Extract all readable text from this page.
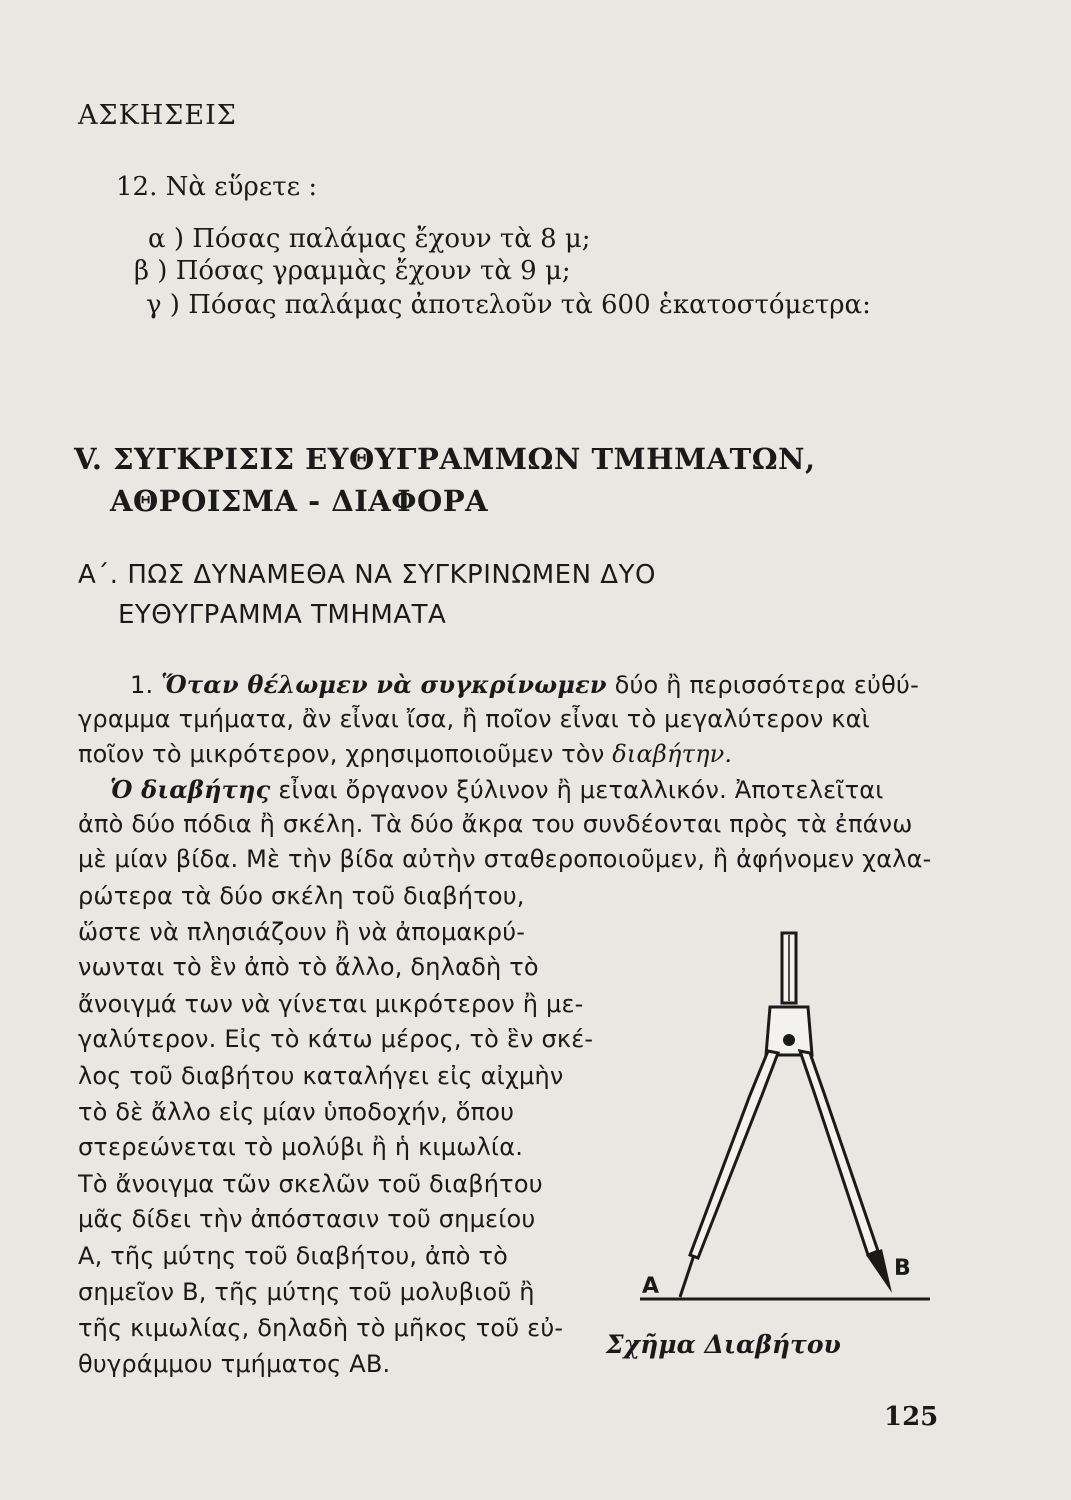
ΑΣΚΗΣΕΙΣ
12. Νὰ εὕρετε :
α ) Πόσας παλάμας ἔχουν τὰ 8 μ;
β ) Πόσας γραμμὰς ἔχουν τὰ 9 μ;
γ ) Πόσας παλάμας ἀποτελοῦν τὰ 600 ἑκατοστόμετρα:
V. ΣΥΓΚΡΙΣΙΣ ΕΥΘΥΓΡΑΜΜΩΝ ΤΜΗΜΑΤΩΝ,
ΑΘΡΟΙΣΜΑ - ΔΙΑΦΟΡΑ
Α΄. ΠΩΣ ΔΥΝΑΜΕΘΑ ΝΑ ΣΥΓΚΡΙΝΩΜΕΝ ΔΥΟ
ΕΥΘΥΓΡΑΜΜΑ ΤΜΗΜΑΤΑ
1. Ὅταν θέλωμεν νὰ συγκρίνωμεν δύο ἢ περισσότερα εὐθύ-
γραμμα τμήματα, ἂν εἶναι ἴσα, ἢ ποῖον εἶναι τὸ μεγαλύτερον καὶ
ποῖον τὸ μικρότερον, χρησιμοποιοῦμεν τὸν διαβήτην.
Ὁ διαβήτης εἶναι ὄργανον ξύλινον ἢ μεταλλικόν. Ἀποτελεῖται
ἀπὸ δύο πόδια ἢ σκέλη. Τὰ δύο ἄκρα του συνδέονται πρὸς τὰ ἐπάνω
μὲ μίαν βίδα. Μὲ τὴν βίδα αὐτὴν σταθεροποιοῦμεν, ἢ ἀφήνομεν χαλα-
ρώτερα τὰ δύο σκέλη τοῦ διαβήτου,
ὥστε νὰ πλησιάζουν ἢ νὰ ἀπομακρύ-
νωνται τὸ ἓν ἀπὸ τὸ ἄλλο, δηλαδὴ τὸ
ἄνοιγμά των νὰ γίνεται μικρότερον ἢ με-
γαλύτερον. Εἰς τὸ κάτω μέρος, τὸ ἓν σκέ-
λος τοῦ διαβήτου καταλήγει εἰς αἰχμὴν
τὸ δὲ ἄλλο εἰς μίαν ὑποδοχήν, ὅπου
στερεώνεται τὸ μολύβι ἢ ἡ κιμωλία.
Τὸ ἄνοιγμα τῶν σκελῶν τοῦ διαβήτου
μᾶς δίδει τὴν ἀπόστασιν τοῦ σημείου
Α, τῆς μύτης τοῦ διαβήτου, ἀπὸ τὸ
σημεῖον Β, τῆς μύτης τοῦ μολυβιοῦ ἢ
τῆς κιμωλίας, δηλαδὴ τὸ μῆκος τοῦ εὐ-
θυγράμμου τμήματος ΑΒ.
Α
Β
Σχῆμα Διαβήτου
125
